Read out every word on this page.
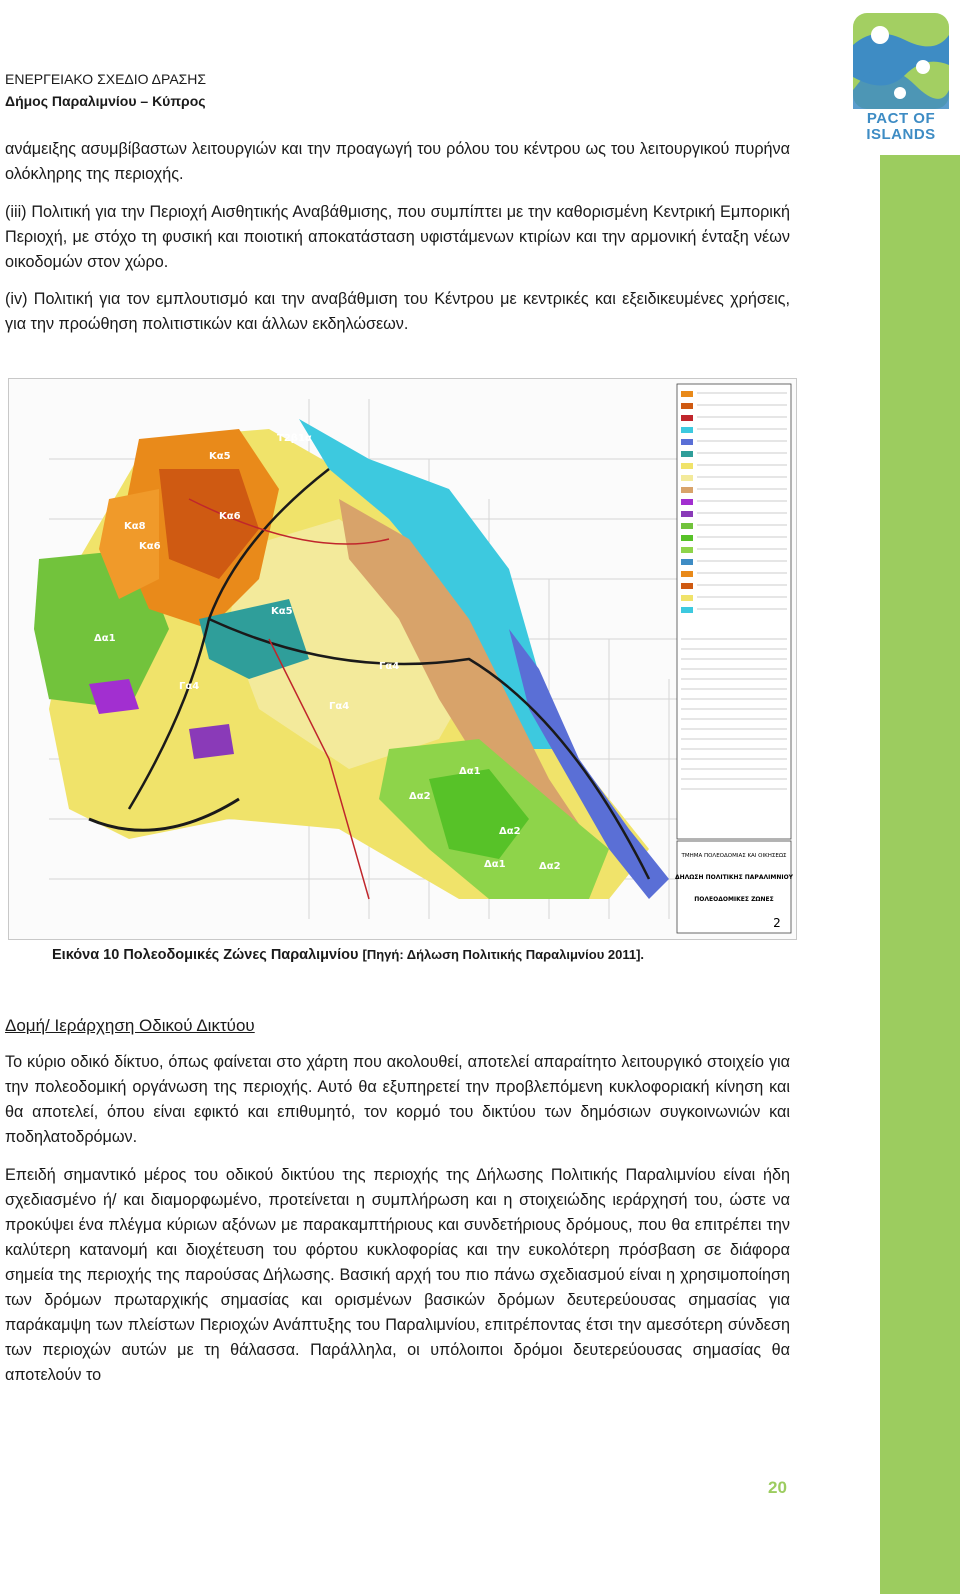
PACT OF
ISLANDS
ΕΝΕΡΓΕΙΑΚΟ ΣΧΕΔΙΟ ΔΡΑΣΗΣ
Δήμος Παραλιμνίου – Κύπρος
ανάμειξης ασυμβίβαστων λειτουργιών και την προαγωγή του ρόλου του κέντρου ως του λειτουργικού πυρήνα ολόκληρης της περιοχής.
(iii) Πολιτική για την Περιοχή Αισθητικής Αναβάθμισης, που συμπίπτει με την καθορισμένη Κεντρική Εμπορική Περιοχή, με στόχο τη φυσική και ποιοτική αποκατάσταση υφιστάμενων κτιρίων και την αρμονική ένταξη νέων οικοδομών στον χώρο.
(iv) Πολιτική για τον εμπλουτισμό και την αναβάθμιση του Κέντρου με κεντρικές και εξειδικευμένες χρήσεις, για την προώθηση πολιτιστικών και άλλων εκδηλώσεων.
ΤΜΗΜΑ ΠΟΛΕΟΔΟΜΙΑΣ ΚΑΙ ΟΙΚΗΣΕΩΣ
ΔΗΛΩΣΗ ΠΟΛΙΤΙΚΗΣ ΠΑΡΑΛΙΜΝΙΟΥ
ΠΟΛΕΟΔΟΜΙΚΕΣ ΖΩΝΕΣ
2
Τ2β1α
Κα5
Κα6
Κα8
Κα6
Δα1
Κα5
Γα4
Γα4
Γα4
Δα1
Δα2
Δα2
Δα1	Δα2
Εικόνα 10 Πολεοδομικές Ζώνες Παραλιμνίου [Πηγή: Δήλωση Πολιτικής Παραλιμνίου 2011].
Δομή/ Ιεράρχηση Οδικού Δικτύου
Το κύριο οδικό δίκτυο, όπως φαίνεται στο χάρτη που ακολουθεί, αποτελεί απαραίτητο λειτουργικό στοιχείο για την πολεοδομική οργάνωση της περιοχής. Αυτό θα εξυπηρετεί την προβλεπόμενη κυκλοφοριακή κίνηση και θα αποτελεί, όπου είναι εφικτό και επιθυμητό, τον κορμό του δικτύου των δημόσιων συγκοινωνιών και ποδηλατοδρόμων.
Επειδή σημαντικό μέρος του οδικού δικτύου της περιοχής της Δήλωσης Πολιτικής Παραλιμνίου είναι ήδη σχεδιασμένο ή/ και διαμορφωμένο, προτείνεται η συμπλήρωση και η στοιχειώδης ιεράρχησή του, ώστε να προκύψει ένα πλέγμα κύριων αξόνων με παρακαμπτήριους και συνδετήριους δρόμους, που θα επιτρέπει την καλύτερη κατανομή και διοχέτευση του φόρτου κυκλοφορίας και την ευκολότερη πρόσβαση σε διάφορα σημεία της περιοχής της παρούσας Δήλωσης. Βασική αρχή του πιο πάνω σχεδιασμού είναι η χρησιμοποίηση των δρόμων πρωταρχικής σημασίας και ορισμένων βασικών δρόμων δευτερεύουσας σημασίας για παράκαμψη των πλείστων Περιοχών Ανάπτυξης του Παραλιμνίου, επιτρέποντας έτσι την αμεσότερη σύνδεση των περιοχών αυτών με τη θάλασσα. Παράλληλα, οι υπόλοιποι δρόμοι δευτερεύουσας σημασίας θα αποτελούν το
20
